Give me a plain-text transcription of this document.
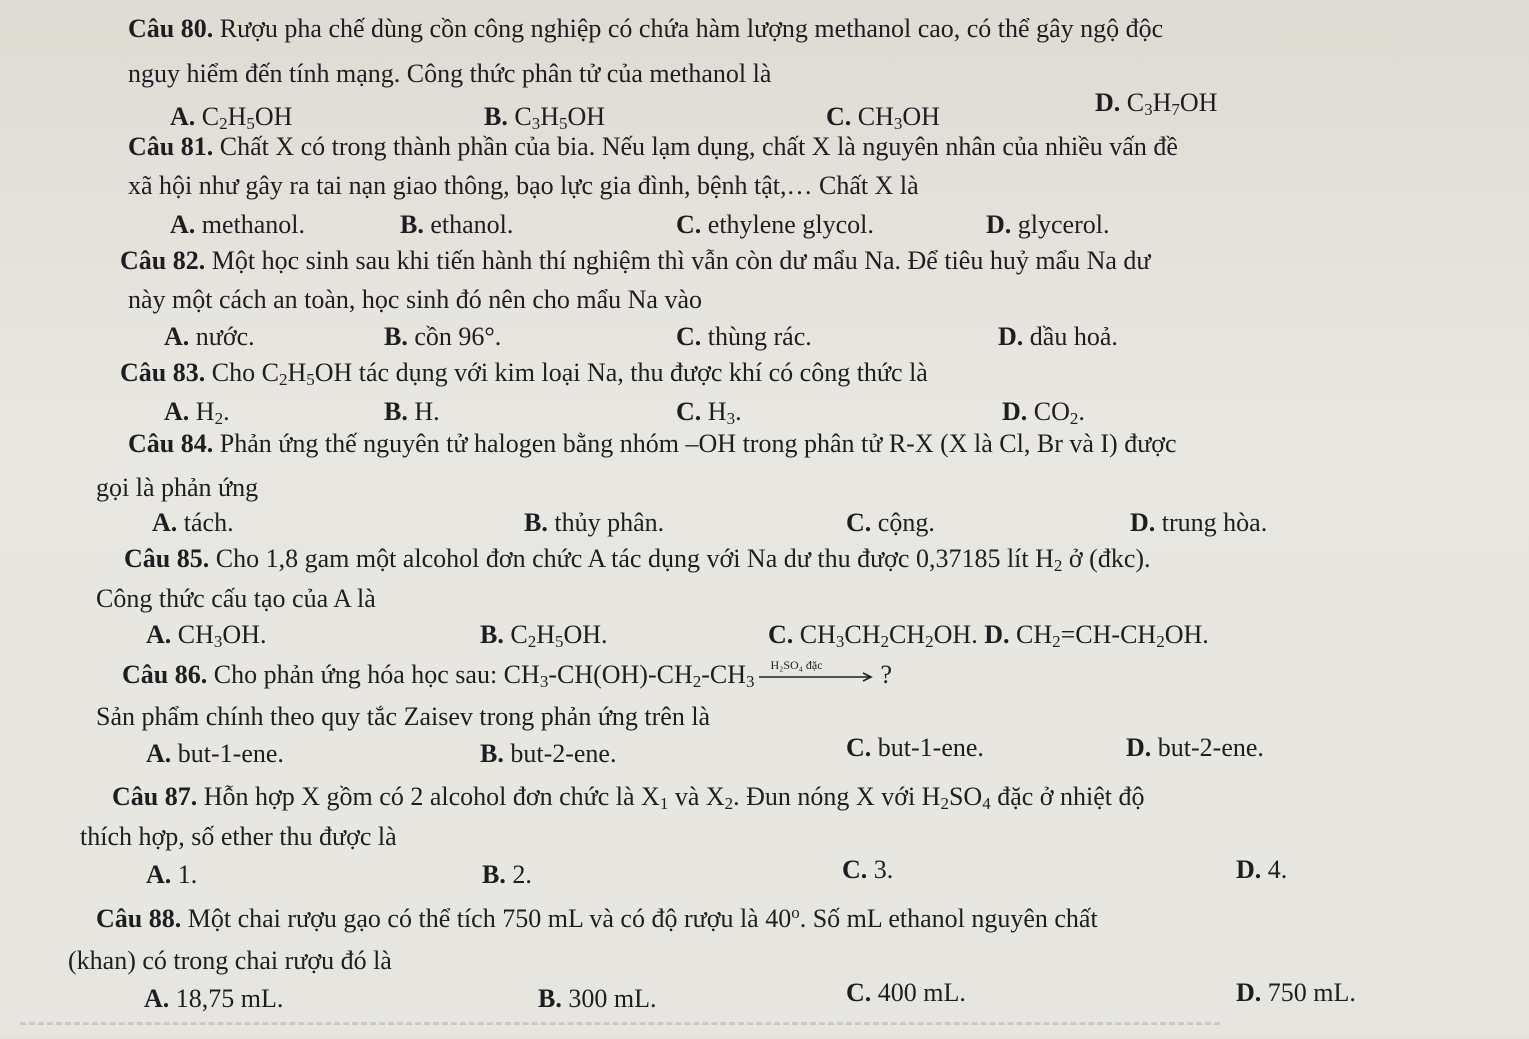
Câu 80. Rượu pha chế dùng cồn công nghiệp có chứa hàm lượng methanol cao, có thể gây ngộ độc
nguy hiểm đến tính mạng. Công thức phân tử của methanol là
A. $C_2H_5OH$	B. $C_3H_5OH$	C. $CH_3OH$	D. $C_3H_7OH$
Câu 81. Chất X có trong thành phần của bia. Nếu lạm dụng, chất X là nguyên nhân của nhiều vấn đề
xã hội như gây ra tai nạn giao thông, bạo lực gia đình, bệnh tật,… Chất X là
A. methanol.	B. ethanol.	C. ethylene glycol.	D. glycerol.
Câu 82. Một học sinh sau khi tiến hành thí nghiệm thì vẫn còn dư mẩu Na. Để tiêu huỷ mẩu Na dư
này một cách an toàn, học sinh đó nên cho mẩu Na vào
A. nước.	B. cồn 96°.	C. thùng rác.	D. dầu hoả.
Câu 83. Cho $C_2H_5OH$ tác dụng với kim loại Na, thu được khí có công thức là
A. $H_2$.	B. H.	C. $H_3$.	D. $CO_2$.
Câu 84. Phản ứng thế nguyên tử halogen bằng nhóm –OH trong phân tử R-X (X là Cl, Br và I) được
gọi là phản ứng
A. tách.	B. thủy phân.	C. cộng.	D. trung hòa.
Câu 85. Cho 1,8 gam một alcohol đơn chức A tác dụng với Na dư thu được 0,37185 lít $H_2$ ở (đkc).
Công thức cấu tạo của A là
A. $CH_3OH$.	B. $C_2H_5OH$.	C. $CH_3CH_2CH_2OH$. D. $CH_2=CH-CH_2OH$.
Câu 86. Cho phản ứng hóa học sau: $CH_3-CH(OH)-CH_2-CH_3$
H₂SO₄ đặc ?
Sản phẩm chính theo quy tắc Zaisev trong phản ứng trên là
A. but-1-ene.	B. but-2-ene.	C. but-1-ene.	D. but-2-ene.
Câu 87. Hỗn hợp X gồm có 2 alcohol đơn chức là $X_1$ và $X_2$. Đun nóng X với $H_2SO_4$ đặc ở nhiệt độ
thích hợp, số ether thu được là
A. 1.	B. 2.	C. 3.	D. 4.
Câu 88. Một chai rượu gạo có thể tích 750 mL và có độ rượu là 40$^o$. Số mL ethanol nguyên chất
(khan) có trong chai rượu đó là
A. 18,75 mL.	B. 300 mL.	C. 400 mL.	D. 750 mL.
